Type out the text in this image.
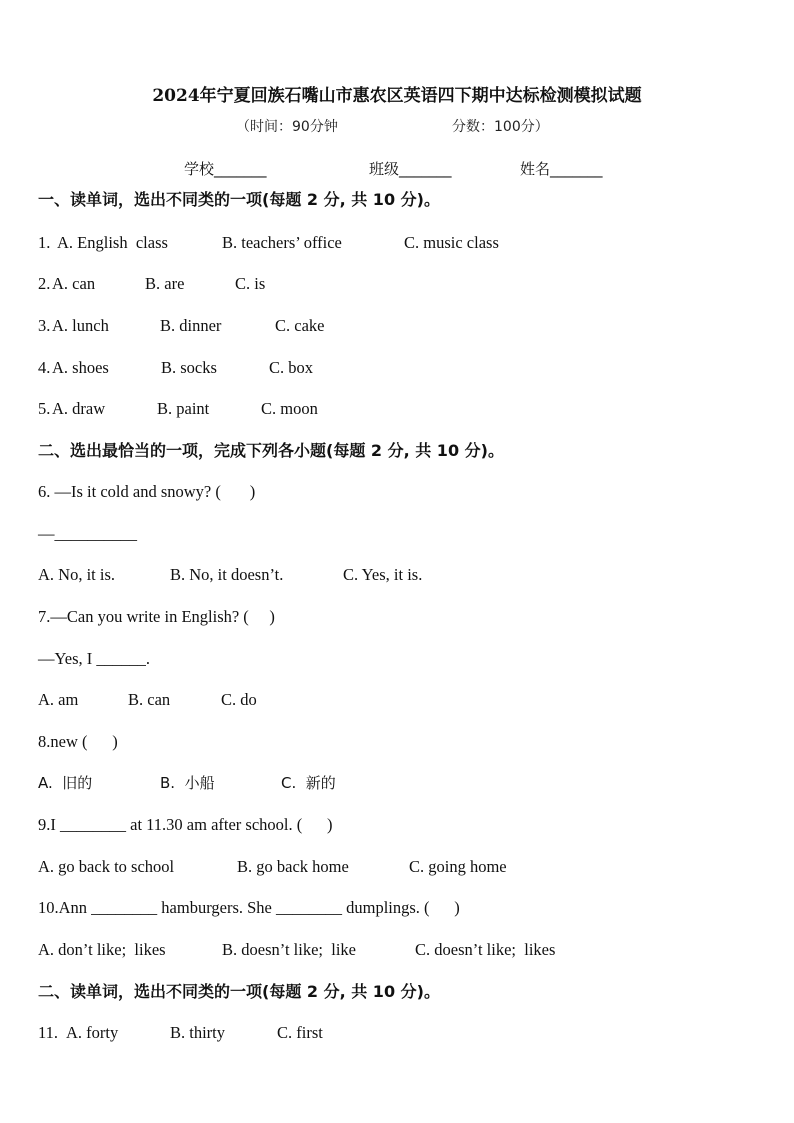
2024年宁夏回族石嘴山市惠农区英语四下期中达标检测模拟试题
（时间：90分钟	分数：100分）
学校_______	班级_______	姓名_______
一、读单词，选出不同类的一项(每题 2 分, 共 10 分)。
1. A. English  class	B. teachers’ office	C. music class
2. A. can	B. are	C. is
3. A. lunch	B. dinner	C. cake
4. A. shoes	B. socks	C. box
5. A. draw	B. paint	C. moon
二、选出最恰当的一项，完成下列各小题(每题 2 分, 共 10 分)。
6. —Is it cold and snowy? (       )
—__________
A. No, it is.	B. No, it doesn’t.	C. Yes, it is.
7.—Can you write in English? (     )
—Yes, I ______.
A. am	B. can	C. do
8.new (      )
A.  旧的	B.  小船	C.  新的
9.I ________ at 11.30 am after school. (      )
A. go back to school	B. go back home	C. going home
10.Ann ________ hamburgers. She ________ dumplings. (      )
A. don’t like;  likes	B. doesn’t like;  like	C. doesn’t like;  likes
二、读单词，选出不同类的一项(每题 2 分, 共 10 分)。
11. A. forty	B. thirty	C. first
